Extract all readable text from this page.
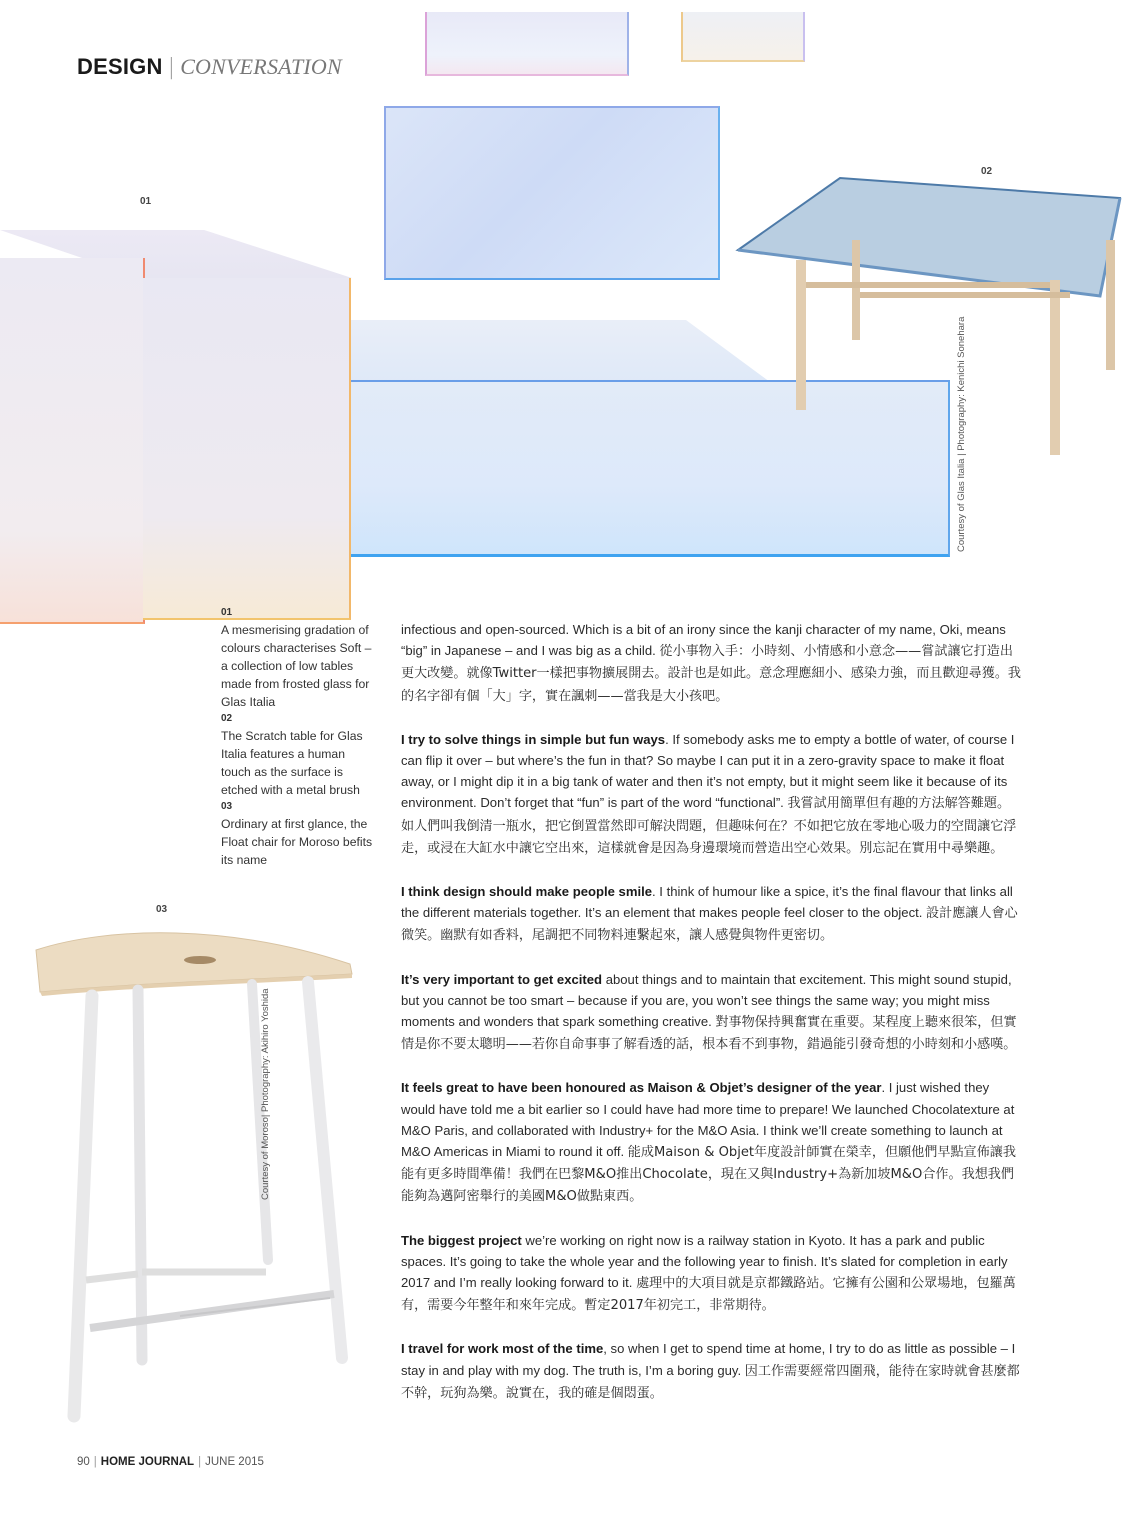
DESIGN | CONVERSATION
01
02
Courtesy of Glas Italia | Photography: Kenichi Sonehara
01
A mesmerising gradation of colours characterises Soft – a collection of low tables made from frosted glass for Glas Italia
02
The Scratch table for Glas Italia features a human touch as the surface is etched with a metal brush
03
Ordinary at first glance, the Float chair for Moroso befits its name
03
Courtesy of Moroso| Photography: Akihiro Yoshida

infectious and open-sourced. Which is a bit of an irony since the kanji character of my name, Oki, means “big” in Japanese – and I was big as a child. 從小事物入手：小時刻、小情感和小意念——嘗試讓它打造出更大改變。就像Twitter一樣把事物擴展開去。設計也是如此。意念理應細小、感染力強，而且歡迎尋獲。我的名字卻有個「大」字，實在諷刺——當我是大小孩吧。

I try to solve things in simple but fun ways. If somebody asks me to empty a bottle of water, of course I can flip it over – but where’s the fun in that? So maybe I can put it in a zero-gravity space to make it float away, or I might dip it in a big tank of water and then it’s not empty, but it might seem like it because of its environment. Don’t forget that “fun” is part of the word “functional”. 我嘗試用簡單但有趣的方法解答難題。如人們叫我倒清一瓶水，把它倒置當然即可解決問題，但趣味何在？不如把它放在零地心吸力的空間讓它浮走，或浸在大缸水中讓它空出來，這樣就會是因為身邊環境而營造出空心效果。別忘記在實用中尋樂趣。

I think design should make people smile. I think of humour like a spice, it’s the final flavour that links all the different materials together. It’s an element that makes people feel closer to the object. 設計應讓人會心微笑。幽默有如香料，尾調把不同物料連繫起來，讓人感覺與物件更密切。

It’s very important to get excited about things and to maintain that excitement. This might sound stupid, but you cannot be too smart – because if you are, you won’t see things the same way; you might miss moments and wonders that spark something creative. 對事物保持興奮實在重要。某程度上聽來很笨，但實情是你不要太聰明——若你自命事事了解看透的話，根本看不到事物，錯過能引發奇想的小時刻和小感嘆。

It feels great to have been honoured as Maison & Objet’s designer of the year. I just wished they would have told me a bit earlier so I could have had more time to prepare! We launched Chocolatexture at M&O Paris, and collaborated with Industry+ for the M&O Asia. I think we’ll create something to launch at M&O Americas in Miami to round it off. 能成Maison & Objet年度設計師實在榮幸，但願他們早點宣佈讓我能有更多時間準備！我們在巴黎M&O推出Chocolate，現在又與Industry+為新加坡M&O合作。我想我們能夠為邁阿密舉行的美國M&O做點東西。

The biggest project we’re working on right now is a railway station in Kyoto. It has a park and public spaces. It’s going to take the whole year and the following year to finish. It’s slated for completion in early 2017 and I’m really looking forward to it. 處理中的大項目就是京都鐵路站。它擁有公園和公眾場地，包羅萬有，需要今年整年和來年完成。暫定2017年初完工，非常期待。

I travel for work most of the time, so when I get to spend time at home, I try to do as little as possible – I stay in and play with my dog. The truth is, I’m a boring guy. 因工作需要經常四圍飛，能待在家時就會甚麼都不幹，玩狗為樂。說實在，我的確是個悶蛋。

90 | HOME JOURNAL | JUNE 2015
